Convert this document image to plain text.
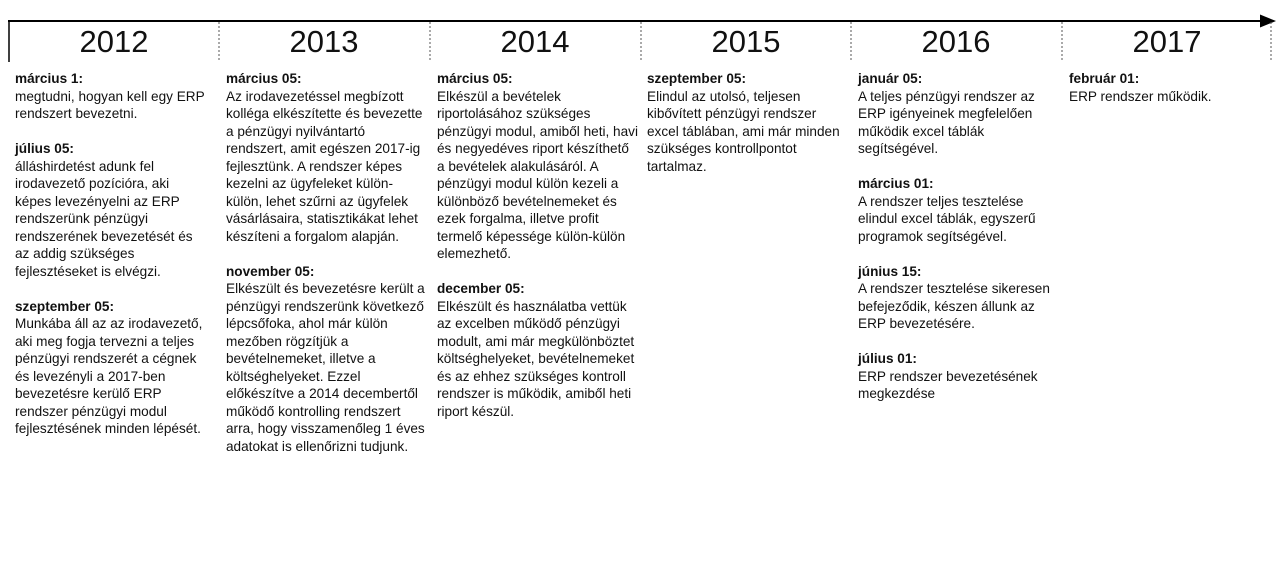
2012	2013	2014	2015	2016	2017
március 1:
megtudni, hogyan kell egy ERP rendszert bevezetni.
július 05:
álláshirdetést adunk fel irodavezető pozícióra, aki képes levezényelni az ERP rendszerünk pénzügyi rendszerének bevezetését és az addig szükséges fejlesztéseket is elvégzi.
szeptember 05:
Munkába áll az az irodavezető, aki meg fogja tervezni a teljes pénzügyi rendszerét a cégnek és levezényli a 2017-ben bevezetésre kerülő ERP rendszer pénzügyi modul fejlesztésének minden lépését.
március 05:
Az irodavezetéssel megbízott kolléga elkészítette és bevezette a pénzügyi nyilvántartó rendszert, amit egészen 2017-ig fejlesztünk. A rendszer képes kezelni az ügyfeleket külön-külön, lehet szűrni az ügyfelek vásárlásaira, statisztikákat lehet készíteni a forgalom alapján.
november 05:
Elkészült és bevezetésre került a pénzügyi rendszerünk következő lépcsőfoka, ahol már külön mezőben rögzítjük a bevételnemeket, illetve a költséghelyeket. Ezzel előkészítve a 2014 decembertől működő kontrolling rendszert arra, hogy visszamenőleg 1 éves adatokat is ellenőrizni tudjunk.
március 05:
Elkészül a bevételek riportolásához szükséges pénzügyi modul, amiből heti, havi és negyedéves riport készíthető a bevételek alakulásáról. A pénzügyi modul külön kezeli a különböző bevételnemeket és ezek forgalma, illetve profit termelő képessége külön-külön elemezhető.
december 05:
Elkészült és használatba vettük az excelben működő pénzügyi modult, ami már megkülönböztet költséghelyeket, bevételnemeket és az ehhez szükséges kontroll rendszer is működik, amiből heti riport készül.
szeptember 05:
Elindul az utolsó, teljesen kibővített pénzügyi rendszer excel táblában, ami már minden szükséges kontrollpontot tartalmaz.
január 05:
A teljes pénzügyi rendszer az ERP igényeinek megfelelően működik excel táblák segítségével.
március 01:
A rendszer teljes tesztelése elindul excel táblák, egyszerű programok segítségével.
június 15:
A rendszer tesztelése sikeresen befejeződik, készen állunk az ERP bevezetésére.
július 01:
ERP rendszer bevezetésének megkezdése
február 01:
ERP rendszer működik.
